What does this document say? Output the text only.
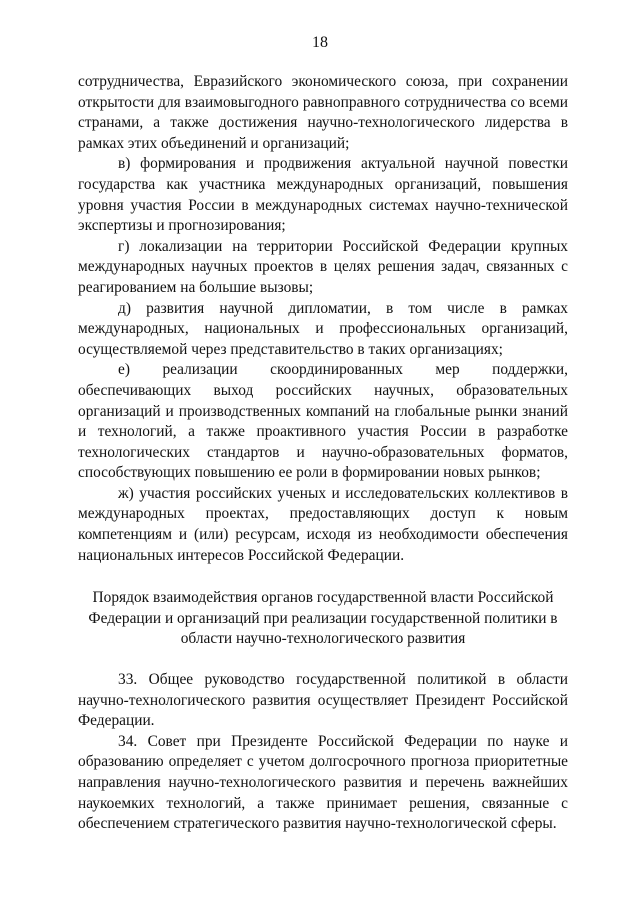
18

сотрудничества, Евразийского экономического союза, при сохранении открытости для взаимовыгодного равноправного сотрудничества со всеми странами, а также достижения научно-технологического лидерства в рамках этих объединений и организаций;

в) формирования и продвижения актуальной научной повестки государства как участника международных организаций, повышения уровня участия России в международных системах научно-технической экспертизы и прогнозирования;

г) локализации на территории Российской Федерации крупных международных научных проектов в целях решения задач, связанных с реагированием на большие вызовы;

д) развития научной дипломатии, в том числе в рамках международных, национальных и профессиональных организаций, осуществляемой через представительство в таких организациях;

е) реализации скоординированных мер поддержки, обеспечивающих выход российских научных, образовательных организаций и производственных компаний на глобальные рынки знаний и технологий, а также проактивного участия России в разработке технологических стандартов и научно-образовательных форматов, способствующих повышению ее роли в формировании новых рынков;

ж) участия российских ученых и исследовательских коллективов в международных проектах, предоставляющих доступ к новым компетенциям и (или) ресурсам, исходя из необходимости обеспечения национальных интересов Российской Федерации.

Порядок взаимодействия органов государственной власти Российской Федерации и организаций при реализации государственной политики в области научно-технологического развития

33. Общее руководство государственной политикой в области научно-технологического развития осуществляет Президент Российской Федерации.

34. Совет при Президенте Российской Федерации по науке и образованию определяет с учетом долгосрочного прогноза приоритетные направления научно-технологического развития и перечень важнейших наукоемких технологий, а также принимает решения, связанные с обеспечением стратегического развития научно-технологической сферы.
